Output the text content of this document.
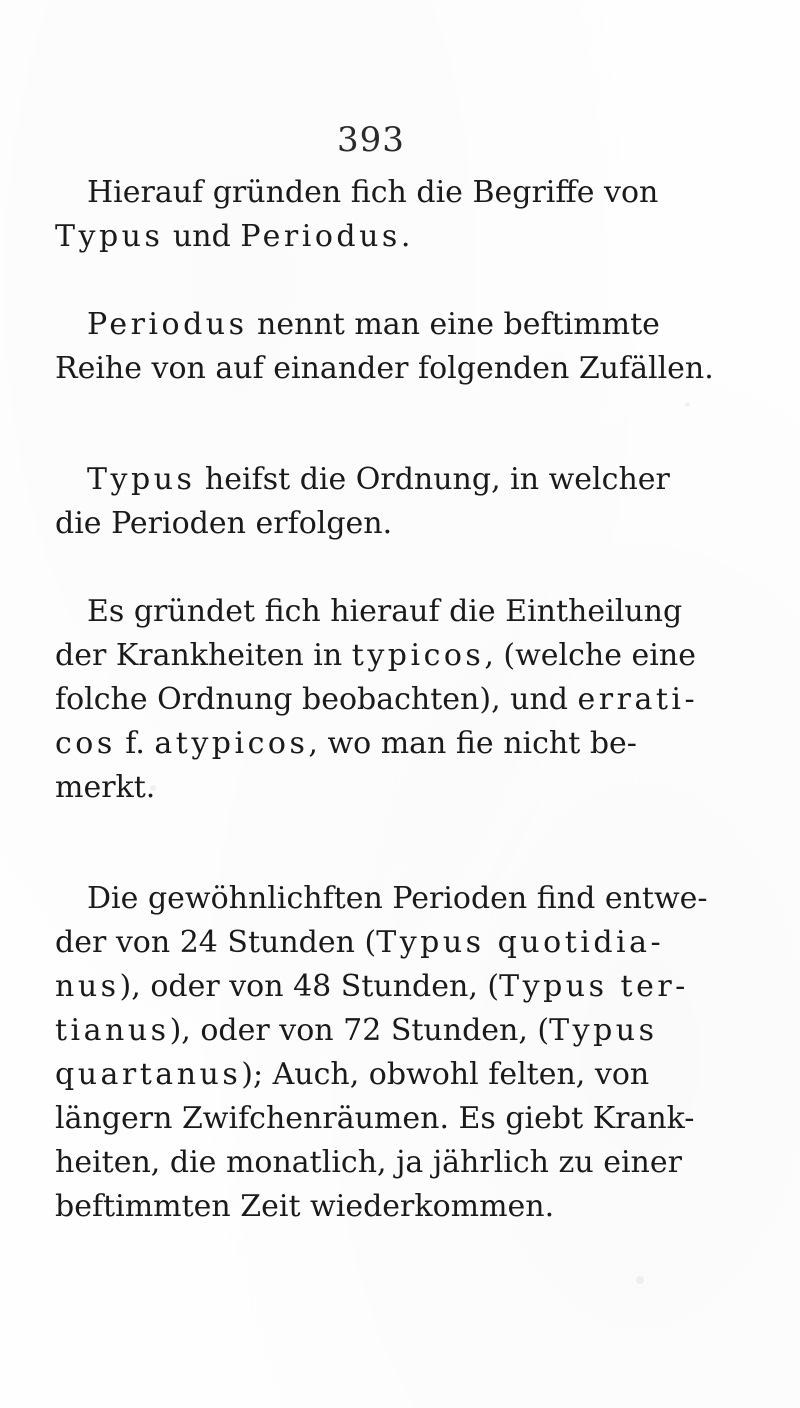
393
Hierauf gründen fich die Begriffe von
Typus und Periodus.
Periodus nennt man eine beftimmte
Reihe von auf einander folgenden Zufällen.
Typus heifst die Ordnung, in welcher
die Perioden erfolgen.
Es gründet fich hierauf die Eintheilung
der Krankheiten in typicos, (welche eine
folche Ordnung beobachten), und errati-
cos f. atypicos, wo man fie nicht be-
merkt.
Die gewöhnlichften Perioden find entwe-
der von 24 Stunden (Typus quotidia-
nus), oder von 48 Stunden, (Typus ter-
tianus), oder von 72 Stunden, (Typus
quartanus); Auch, obwohl felten, von
längern Zwifchenräumen. Es giebt Krank-
heiten, die monatlich, ja jährlich zu einer
beftimmten Zeit wiederkommen.
